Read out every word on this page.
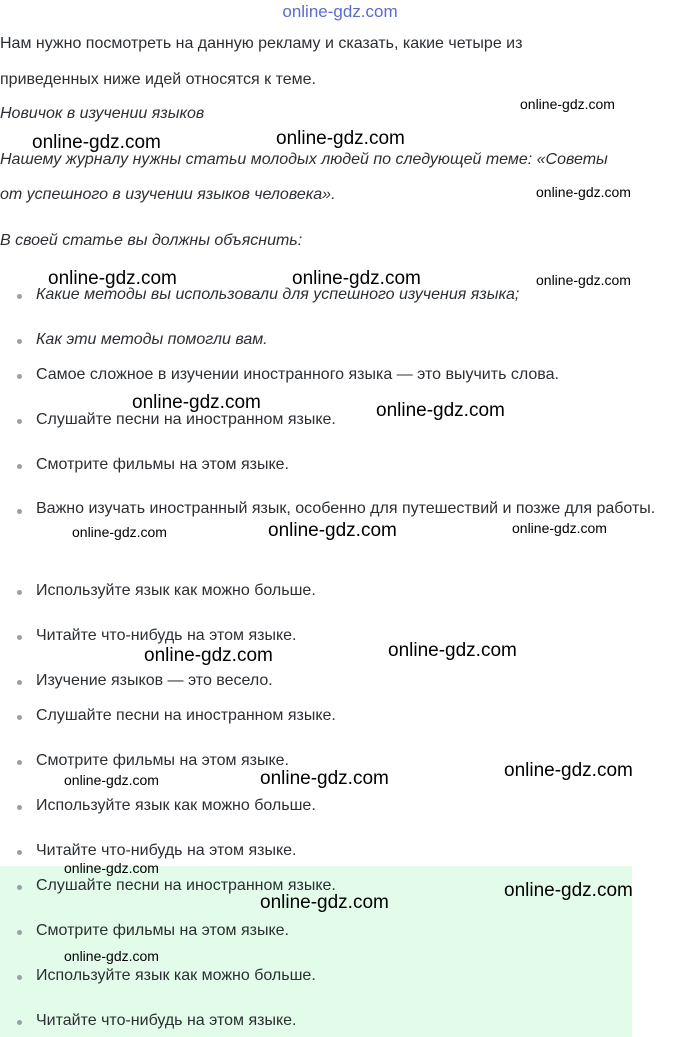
online-gdz.com
Нам нужно посмотреть на данную рекламу и сказать, какие четыре из
приведенных ниже идей относятся к теме.
Новичок в изучении языков
Нашему журналу нужны статьи молодых людей по следующей теме: «Советы
от успешного в изучении языков человека».
В своей статье вы должны объяснить:
Какие методы вы использовали для успешного изучения языка;
Как эти методы помогли вам.
Самое сложное в изучении иностранного языка — это выучить слова.
Слушайте песни на иностранном языке.
Смотрите фильмы на этом языке.
Важно изучать иностранный язык, особенно для путешествий и позже для работы.
Используйте язык как можно больше.
Читайте что-нибудь на этом языке.
Изучение языков — это весело.
Слушайте песни на иностранном языке.
Смотрите фильмы на этом языке.
Используйте язык как можно больше.
Читайте что-нибудь на этом языке.
Слушайте песни на иностранном языке.
Смотрите фильмы на этом языке.
Используйте язык как можно больше.
Читайте что-нибудь на этом языке.
online-gdz.com
online-gdz.com	online-gdz.com
online-gdz.com
online-gdz.com	online-gdz.com	online-gdz.com
online-gdz.com	online-gdz.com
online-gdz.com	online-gdz.com	online-gdz.com
online-gdz.com	online-gdz.com
online-gdz.com	online-gdz.com	online-gdz.com
online-gdz.com
online-gdz.com
online-gdz.com
online-gdz.com
